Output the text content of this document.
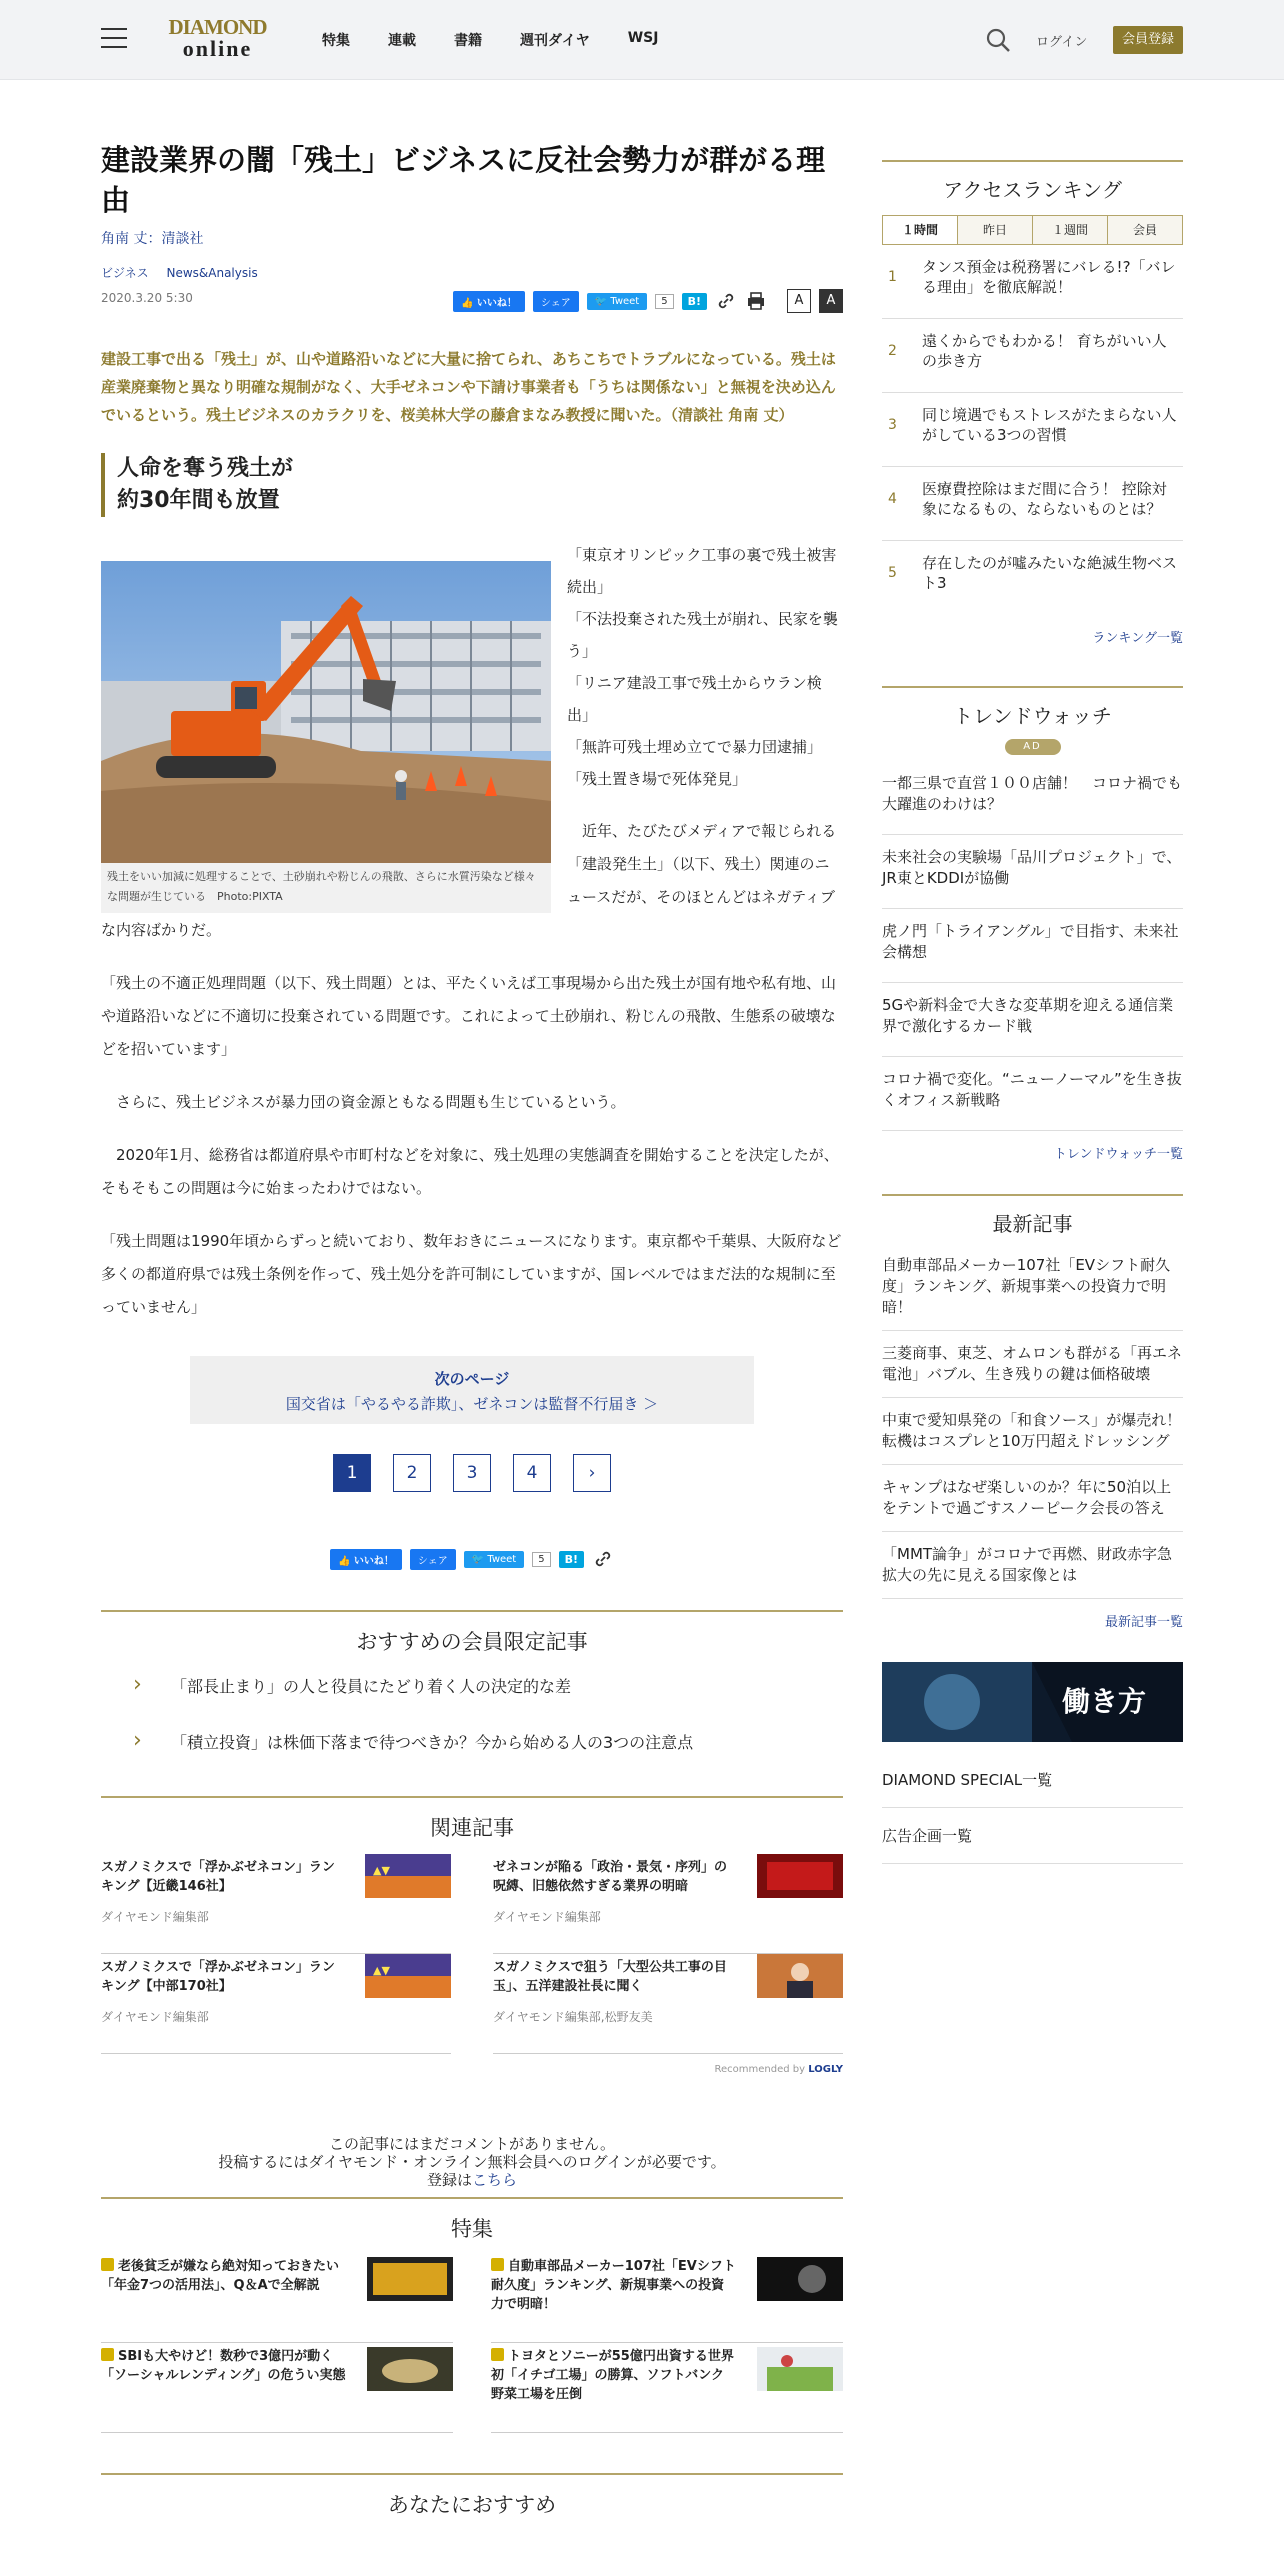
DIAMOND
online	特集	連載	書籍	週刊ダイヤ	WSJ	ログイン	会員登録
建設業界の闇「残土」ビジネスに反社会勢力が群がる理由
角南 丈：清談社
ビジネス News&Analysis
2020.3.20 5:30	👍 いいね！	シェア	🐦 Tweet	5	B!	A	A
建設工事で出る「残土」が、山や道路沿いなどに大量に捨てられ、あちこちでトラブルになっている。残土は産業廃棄物と異なり明確な規制がなく、大手ゼネコンや下請け事業者も「うちは関係ない」と無視を決め込んでいるという。残土ビジネスのカラクリを、桜美林大学の藤倉まなみ教授に聞いた。（清談社 角南 丈）
人命を奪う残土が
約30年間も放置
残土をいい加減に処理することで、土砂崩れや粉じんの飛散、さらに水質汚染など様々な問題が生じている　Photo:PIXTA
「東京オリンピック工事の裏で残土被害続出」
「不法投棄された残土が崩れ、民家を襲う」
「リニア建設工事で残土からウラン検出」
「無許可残土埋め立てで暴力団逮捕」
「残土置き場で死体発見」

近年、たびたびメディアで報じられる「建設発生土」（以下、残土）関連のニュースだが、そのほとんどはネガティブな内容ばかりだ。

「残土の不適正処理問題（以下、残土問題）とは、平たくいえば工事現場から出た残土が国有地や私有地、山や道路沿いなどに不適切に投棄されている問題です。これによって土砂崩れ、粉じんの飛散、生態系の破壊などを招いています」

さらに、残土ビジネスが暴力団の資金源ともなる問題も生じているという。

2020年1月、総務省は都道府県や市町村などを対象に、残土処理の実態調査を開始することを決定したが、そもそもこの問題は今に始まったわけではない。

「残土問題は1990年頃からずっと続いており、数年おきにニュースになります。東京都や千葉県、大阪府など多くの都道府県では残土条例を作って、残土処分を許可制にしていますが、国レベルではまだ法的な規制に至っていません」

次のページ
国交省は「やるやる詐欺」、ゼネコンは監督不行届き ＞
1	2	3	4	›
👍 いいね！	シェア	🐦 Tweet	5	B!
おすすめの会員限定記事
› 「部長止まり」の人と役員にたどり着く人の決定的な差
› 「積立投資」は株価下落まで待つべきか？今から始める人の3つの注意点
関連記事
スガノミクスで「浮かぶゼネコン」ランキング【近畿146社】
ダイヤモンド編集部
▲▼	ゼネコンが陥る「政治・景気・序列」の呪縛、旧態依然すぎる業界の明暗
ダイヤモンド編集部
スガノミクスで「浮かぶゼネコン」ランキング【中部170社】
ダイヤモンド編集部
▲▼	スガノミクスで狙う「大型公共工事の目玉」、五洋建設社長に聞く
ダイヤモンド編集部,松野友美
Recommended by LOGLY
この記事にはまだコメントがありません。
投稿するにはダイヤモンド・オンライン無料会員へのログインが必要です。
登録はこちら
特集
老後貧乏が嫌なら絶対知っておきたい「年金7つの活用法」、Q＆Aで全解説
自動車部品メーカー107社「EVシフト耐久度」ランキング、新規事業への投資力で明暗！
SBIも大やけど！数秒で3億円が動く「ソーシャルレンディング」の危うい実態
トヨタとソニーが55億円出資する世界初「イチゴ工場」の勝算、ソフトバンク野菜工場を圧倒
あなたにおすすめ
アクセスランキング
１時間	昨日	１週間	会員
1
タンス預金は税務署にバレる!?「バレる理由」を徹底解説！
2
遠くからでもわかる！ 育ちがいい人の歩き方
3
同じ境遇でもストレスがたまらない人がしている3つの習慣
4
医療費控除はまだ間に合う！ 控除対象になるもの、ならないものとは？
5
存在したのが噓みたいな絶滅生物ベスト3
ランキング一覧
トレンドウォッチ
AD
一都三県で直営１００店舗！　コロナ禍でも大躍進のわけは？
未来社会の実験場「品川プロジェクト」で、JR東とKDDIが協働
虎ノ門「トライアングル」で目指す、未来社会構想
5Gや新料金で大きな変革期を迎える通信業界で激化するカード戦
コロナ禍で変化。“ニューノーマル”を生き抜くオフィス新戦略
トレンドウォッチ一覧
最新記事
自動車部品メーカー107社「EVシフト耐久度」ランキング、新規事業への投資力で明暗！
三菱商事、東芝、オムロンも群がる「再エネ電池」バブル、生き残りの鍵は価格破壊
中東で愛知県発の「和食ソース」が爆売れ！転機はコスプレと10万円超えドレッシング
キャンプはなぜ楽しいのか？年に50泊以上をテントで過ごすスノーピーク会長の答え
「MMT論争」がコロナで再燃、財政赤字急拡大の先に見える国家像とは
最新記事一覧
働き方
DIAMOND SPECIAL一覧
広告企画一覧
